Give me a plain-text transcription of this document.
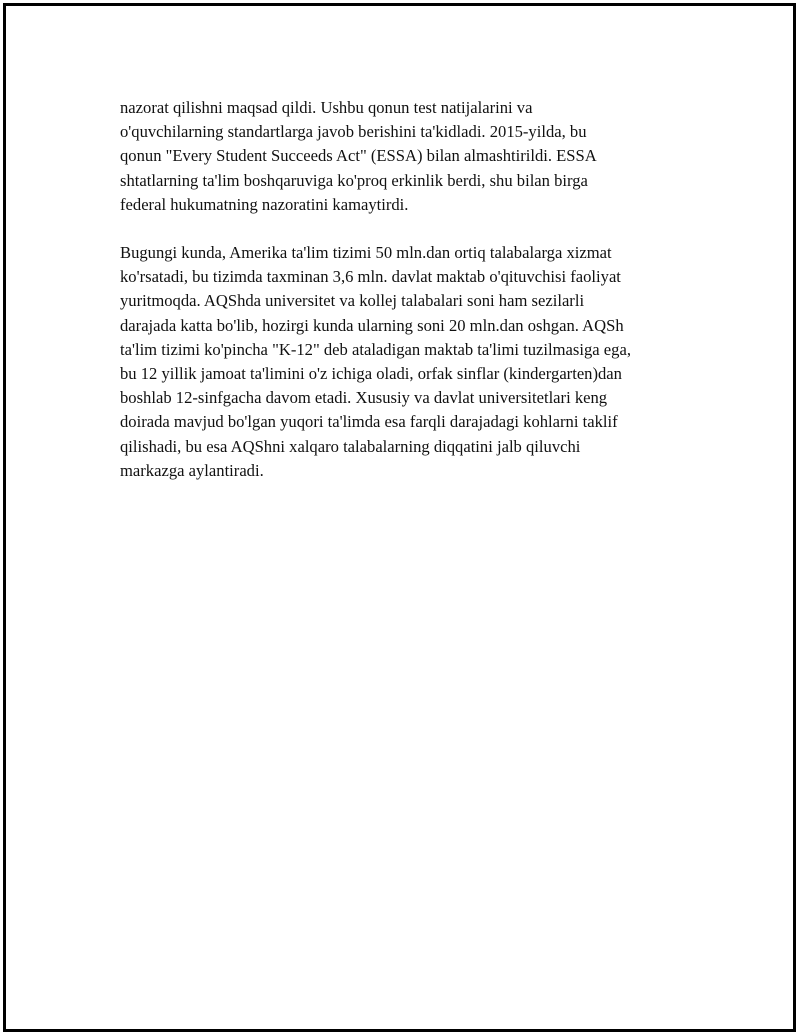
nazorat qilishni maqsad qildi. Ushbu qonun test natijalarini va
o'quvchilarning standartlarga javob berishini ta'kidladi. 2015-yilda, bu
qonun "Every Student Succeeds Act" (ESSA) bilan almashtirildi. ESSA
shtatlarning ta'lim boshqaruviga ko'proq erkinlik berdi, shu bilan birga
federal hukumatning nazoratini kamaytirdi.

Bugungi kunda, Amerika ta'lim tizimi 50 mln.dan ortiq talabalarga xizmat
ko'rsatadi, bu tizimda taxminan 3,6 mln. davlat maktab o'qituvchisi faoliyat
yuritmoqda. AQShda universitet va kollej talabalari soni ham sezilarli
darajada katta bo'lib, hozirgi kunda ularning soni 20 mln.dan oshgan. AQSh
ta'lim tizimi ko'pincha "K-12" deb ataladigan maktab ta'limi tuzilmasiga ega,
bu 12 yillik jamoat ta'limini o'z ichiga oladi, orfak sinflar (kindergarten)dan
boshlab 12-sinfgacha davom etadi. Xususiy va davlat universitetlari keng
doirada mavjud bo'lgan yuqori ta'limda esa farqli darajadagi kohlarni taklif
qilishadi, bu esa AQShni xalqaro talabalarning diqqatini jalb qiluvchi
markazga aylantiradi.
